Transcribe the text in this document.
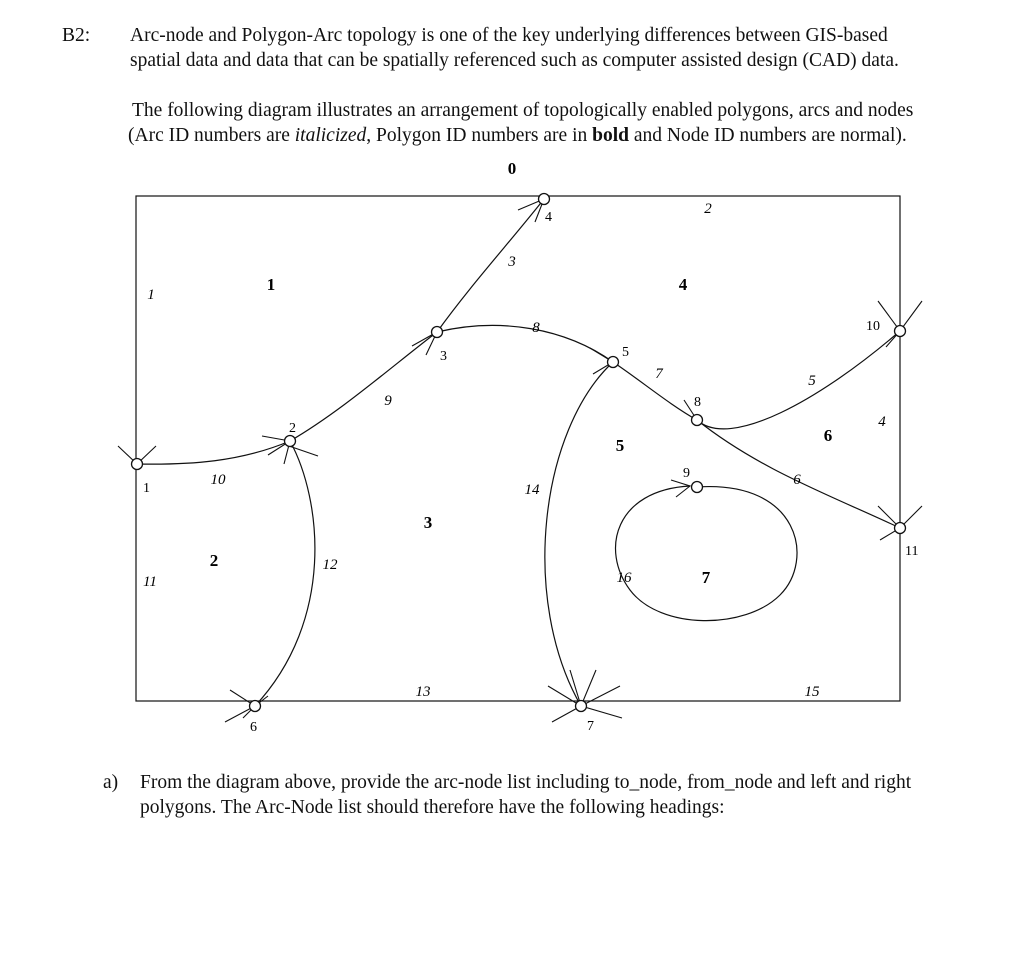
B2: Arc-node and Polygon-Arc topology is one of the key underlying differences between GIS-based
spatial data and data that can be spatially referenced such as computer assisted design (CAD) data.
The following diagram illustrates an arrangement of topologically enabled polygons, arcs and nodes
(Arc ID numbers are italicized, Polygon ID numbers are in bold and Node ID numbers are normal).
0
1
2
3
4
5
6
7
1
2
3
4
5
6
7
8
9
10
11
12
13
14
15
16
1
2
3
4
5
6	7
8
9
10
11
a) From the diagram above, provide the arc-node list including to_node, from_node and left and right
polygons. The Arc-Node list should therefore have the following headings:
